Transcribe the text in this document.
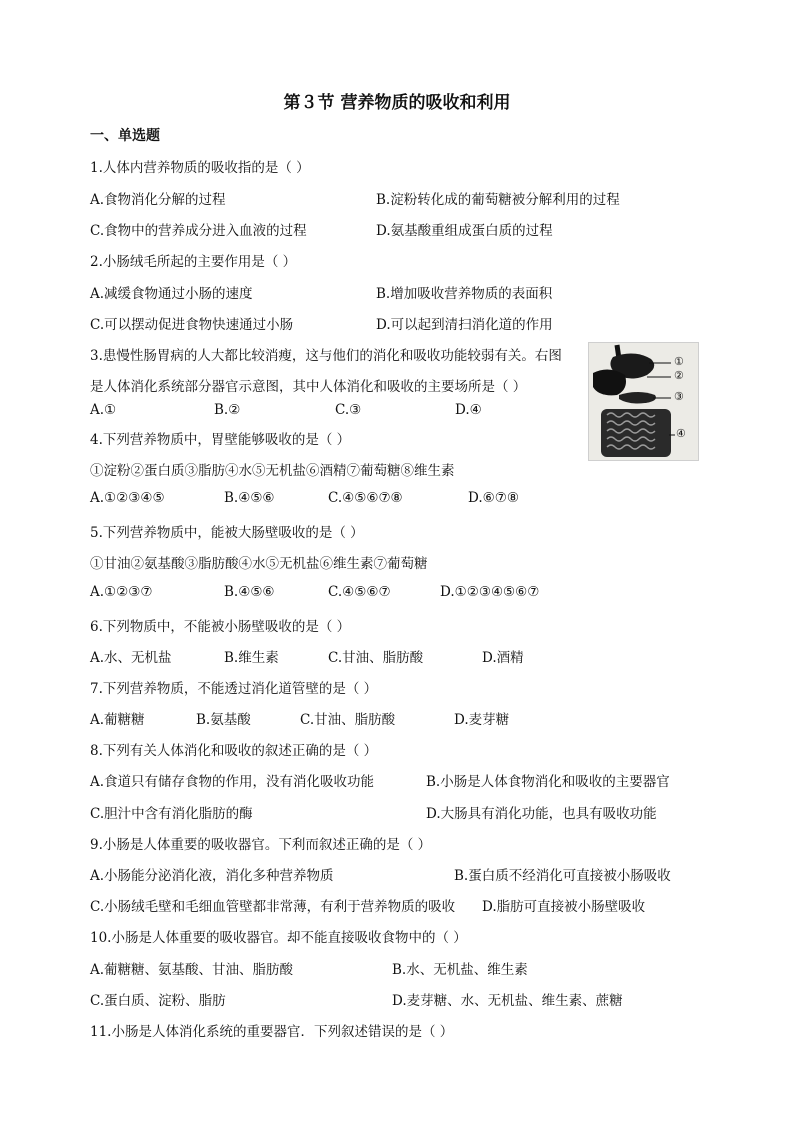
第３节 营养物质的吸收和利用
一、单选题
1.人体内营养物质的吸收指的是（ ）
A.食物消化分解的过程	B.淀粉转化成的葡萄糖被分解利用的过程
C.食物中的营养成分进入血液的过程	D.氨基酸重组成蛋白质的过程
2.小肠绒毛所起的主要作用是（ ）
A.减缓食物通过小肠的速度	B.增加吸收营养物质的表面积
C.可以摆动促进食物快速通过小肠	D.可以起到清扫消化道的作用
3.患慢性肠胃病的人大都比较消瘦，这与他们的消化和吸收功能较弱有关。右图
是人体消化系统部分器官示意图，其中人体消化和吸收的主要场所是（ ）
A.①	B.②	C.③	D.④
①
②
③
④
4.下列营养物质中，胃壁能够吸收的是（ ）
①淀粉②蛋白质③脂肪④水⑤无机盐⑥酒精⑦葡萄糖⑧维生素
A.①②③④⑤	B.④⑤⑥	C.④⑤⑥⑦⑧	D.⑥⑦⑧
5.下列营养物质中，能被大肠壁吸收的是（ ）
①甘油②氨基酸③脂肪酸④水⑤无机盐⑥维生素⑦葡萄糖
A.①②③⑦	B.④⑤⑥	C.④⑤⑥⑦	D.①②③④⑤⑥⑦
6.下列物质中，不能被小肠壁吸收的是（ ）
A.水、无机盐	B.维生素	C.甘油、脂肪酸	D.酒精
7.下列营养物质，不能透过消化道管壁的是（ ）
A.葡糖糖	B.氨基酸	C.甘油、脂肪酸	D.麦芽糖
8.下列有关人体消化和吸收的叙述正确的是（ ）
A.食道只有储存食物的作用，没有消化吸收功能	B.小肠是人体食物消化和吸收的主要器官
C.胆汁中含有消化脂肪的酶	D.大肠具有消化功能，也具有吸收功能
9.小肠是人体重要的吸收器官。下利而叙述正确的是（ ）
A.小肠能分泌消化液，消化多种营养物质	B.蛋白质不经消化可直接被小肠吸收
C.小肠绒毛壁和毛细血管壁都非常薄，有利于营养物质的吸收 D.脂肪可直接被小肠壁吸收
10.小肠是人体重要的吸收器官。却不能直接吸收食物中的（ ）
A.葡糖糖、氨基酸、甘油、脂肪酸	B.水、无机盐、维生素
C.蛋白质、淀粉、脂肪	D.麦芽糖、水、无机盐、维生素、蔗糖
11.小肠是人体消化系统的重要器官．下列叙述错误的是（ ）
